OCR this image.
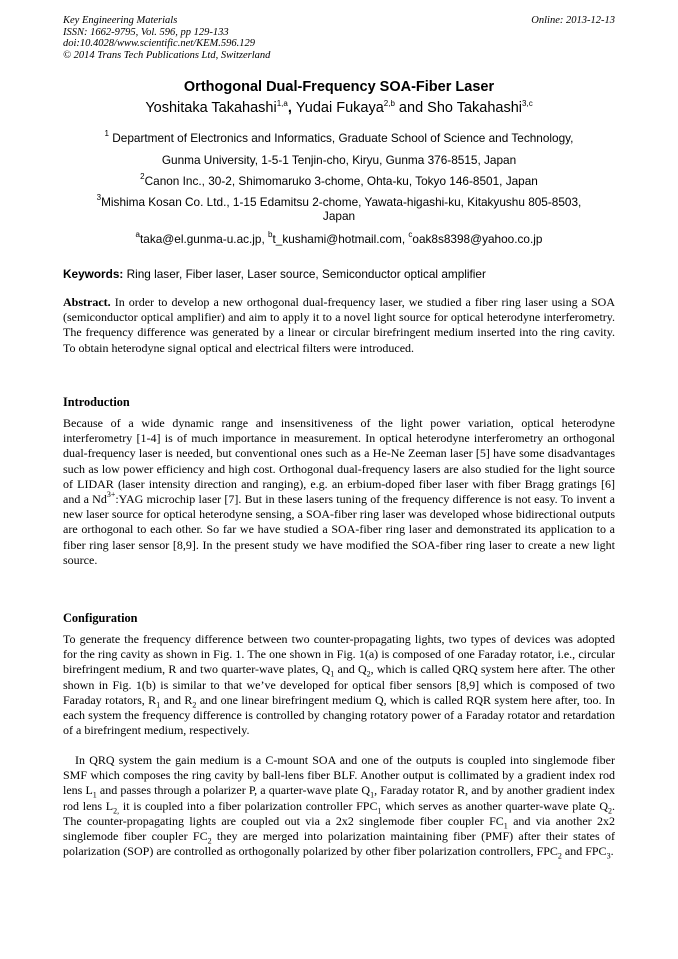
Key Engineering Materials
ISSN: 1662-9795, Vol. 596, pp 129-133
doi:10.4028/www.scientific.net/KEM.596.129
© 2014 Trans Tech Publications Ltd, Switzerland
Online: 2013-12-13
Orthogonal Dual-Frequency SOA-Fiber Laser
Yoshitaka Takahashi$^{1,a}$, Yudai Fukaya$^{2,b}$ and Sho Takahashi$^{3,c}$
$^1$ Department of Electronics and Informatics, Graduate School of Science and Technology,
Gunma University, 1-5-1 Tenjin-cho, Kiryu, Gunma 376-8515, Japan
$^2$Canon Inc., 30-2, Shimomaruko 3-chome, Ohta-ku, Tokyo 146-8501, Japan
$^3$Mishima Kosan Co. Ltd., 1-15 Edamitsu 2-chome, Yawata-higashi-ku, Kitakyushu 805-8503,
Japan
$^a$taka@el.gunma-u.ac.jp, $^b$t_kushami@hotmail.com, $^c$oak8s8398@yahoo.co.jp
Keywords: Ring laser, Fiber laser, Laser source, Semiconductor optical amplifier
Abstract. In order to develop a new orthogonal dual-frequency laser, we studied a fiber ring laser using a SOA (semiconductor optical amplifier) and aim to apply it to a novel light source for optical heterodyne interferometry. The frequency difference was generated by a linear or circular birefringent medium inserted into the ring cavity. To obtain heterodyne signal optical and electrical filters were introduced.
Introduction
Because of a wide dynamic range and insensitiveness of the light power variation, optical heterodyne interferometry [1-4] is of much importance in measurement. In optical heterodyne interferometry an orthogonal dual-frequency laser is needed, but conventional ones such as a He-Ne Zeeman laser [5] have some disadvantages such as low power efficiency and high cost. Orthogonal dual-frequency lasers are also studied for the light source of LIDAR (laser intensity direction and ranging), e.g. an erbium-doped fiber laser with fiber Bragg gratings [6] and a $Nd^{3+}:YAG$ microchip laser [7]. But in these lasers tuning of the frequency difference is not easy. To invent a new laser source for optical heterodyne sensing, a SOA-fiber ring laser was developed whose bidirectional outputs are orthogonal to each other. So far we have studied a SOA-fiber ring laser and demonstrated its application to a fiber ring laser sensor [8,9]. In the present study we have modified the SOA-fiber ring laser to create a new light source.
Configuration
To generate the frequency difference between two counter-propagating lights, two types of devices was adopted for the ring cavity as shown in Fig. 1. The one shown in Fig. 1(a) is composed of one Faraday rotator, i.e., circular birefringent medium, R and two quarter-wave plates, $Q_1$ and $Q_2$, which is called QRQ system here after. The other shown in Fig. 1(b) is similar to that we’ve developed for optical fiber sensors [8,9] which is composed of two Faraday rotators, $R_1$ and $R_2$ and one linear birefringent medium Q, which is called RQR system here after, too. In each system the frequency difference is controlled by changing rotatory power of a Faraday rotator and retardation of a birefringent medium, respectively.
In QRQ system the gain medium is a C-mount SOA and one of the outputs is coupled into singlemode fiber SMF which composes the ring cavity by ball-lens fiber BLF. Another output is collimated by a gradient index rod lens $L_1$ and passes through a polarizer P, a quarter-wave plate $Q_1$, Faraday rotator R, and by another gradient index rod lens $L_{2,}$ it is coupled into a fiber polarization controller $FPC_1$ which serves as another quarter-wave plate $Q_2$. The counter-propagating lights are coupled out via a 2x2 singlemode fiber coupler $FC_1$ and via another 2x2 singlemode fiber coupler $FC_2$ they are merged into polarization maintaining fiber (PMF) after their states of polarization (SOP) are controlled as orthogonally polarized by other fiber polarization controllers, $FPC_2$ and $FPC_3$.
